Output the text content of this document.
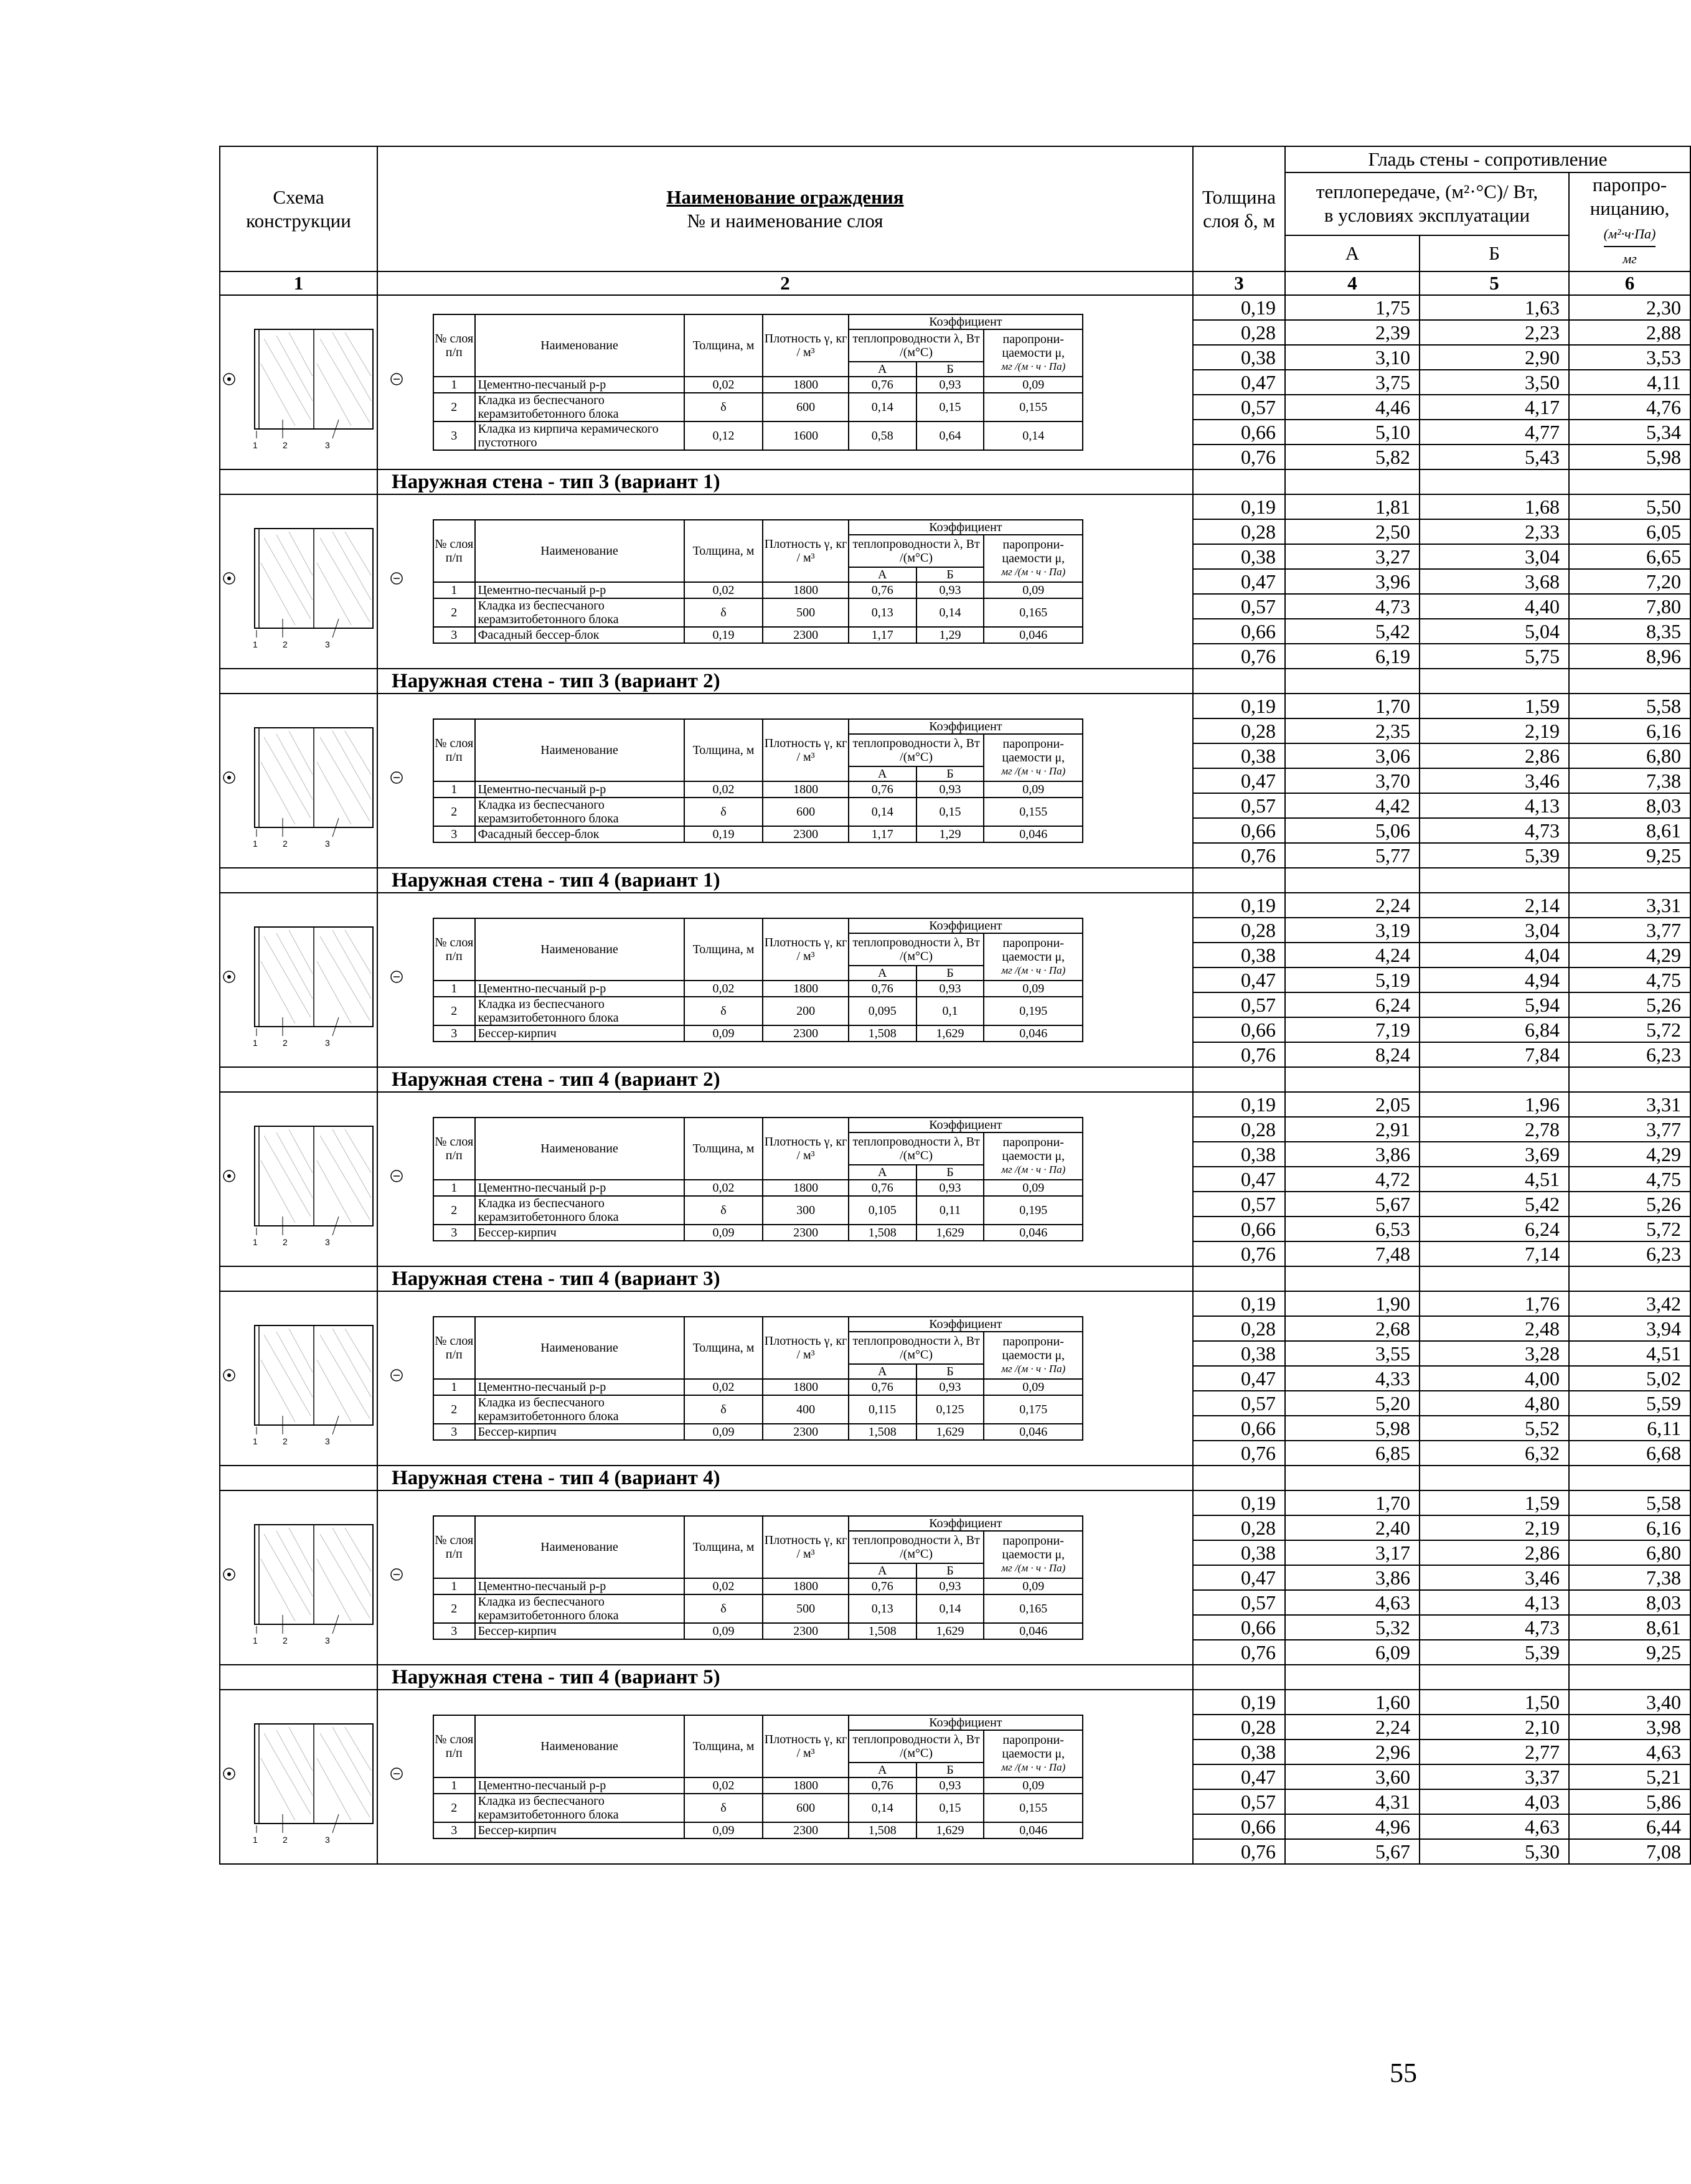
Схема конструкции	
Наименование ограждения
№ и наименование слоя
	Толщина слоя δ, м	Гладь стены - сопротивление

теплопередаче, (м²·°С)/ Вт,
в условиях эксплуатации

паропро-ницанию,
(м²·ч·Па)
мг

А	Б
1	2	3	4	5	6

1	2	3

№ слоя п/п	Наименование	Толщина, м	Плотность γ, кг / м³	Коэффициент
теплопроводности λ, Вт /(м°С)	
паропрони-цаемости μ,
мг /(м · ч · Па)

А	Б
1	Цементно-песчаный р-р	0,02	1800	0,76	0,93	0,09
2	Кладка из беспесчаного керамзитобетонного блока	δ	600	0,14	0,15	0,155
3	Кладка из кирпича керамического пустотного	0,12	1600	0,58	0,64	0,14
	0,19	1,75	1,63	2,30
0,28	2,39	2,23	2,88
0,38	3,10	2,90	3,53
0,47	3,75	3,50	4,11
0,57	4,46	4,17	4,76
0,66	5,10	4,77	5,34
0,76	5,82	5,43	5,98
	Наружная стена - тип 3 (вариант 1)				

1	2	3

№ слоя п/п	Наименование	Толщина, м	Плотность γ, кг / м³	Коэффициент
теплопроводности λ, Вт /(м°С)	
паропрони-цаемости μ,
мг /(м · ч · Па)

А	Б
1	Цементно-песчаный р-р	0,02	1800	0,76	0,93	0,09
2	Кладка из беспесчаного керамзитобетонного блока	δ	500	0,13	0,14	0,165
3	Фасадный бессер-блок	0,19	2300	1,17	1,29	0,046
	0,19	1,81	1,68	5,50
0,28	2,50	2,33	6,05
0,38	3,27	3,04	6,65
0,47	3,96	3,68	7,20
0,57	4,73	4,40	7,80
0,66	5,42	5,04	8,35
0,76	6,19	5,75	8,96
	Наружная стена - тип 3 (вариант 2)				

1	2	3

№ слоя п/п	Наименование	Толщина, м	Плотность γ, кг / м³	Коэффициент
теплопроводности λ, Вт /(м°С)	
паропрони-цаемости μ,
мг /(м · ч · Па)

А	Б
1	Цементно-песчаный р-р	0,02	1800	0,76	0,93	0,09
2	Кладка из беспесчаного керамзитобетонного блока	δ	600	0,14	0,15	0,155
3	Фасадный бессер-блок	0,19	2300	1,17	1,29	0,046
	0,19	1,70	1,59	5,58
0,28	2,35	2,19	6,16
0,38	3,06	2,86	6,80
0,47	3,70	3,46	7,38
0,57	4,42	4,13	8,03
0,66	5,06	4,73	8,61
0,76	5,77	5,39	9,25
	Наружная стена - тип 4 (вариант 1)				

1	2	3

№ слоя п/п	Наименование	Толщина, м	Плотность γ, кг / м³	Коэффициент
теплопроводности λ, Вт /(м°С)	
паропрони-цаемости μ,
мг /(м · ч · Па)

А	Б
1	Цементно-песчаный р-р	0,02	1800	0,76	0,93	0,09
2	Кладка из беспесчаного керамзитобетонного блока	δ	200	0,095	0,1	0,195
3	Бессер-кирпич	0,09	2300	1,508	1,629	0,046
	0,19	2,24	2,14	3,31
0,28	3,19	3,04	3,77
0,38	4,24	4,04	4,29
0,47	5,19	4,94	4,75
0,57	6,24	5,94	5,26
0,66	7,19	6,84	5,72
0,76	8,24	7,84	6,23
	Наружная стена - тип 4 (вариант 2)				

1	2	3

№ слоя п/п	Наименование	Толщина, м	Плотность γ, кг / м³	Коэффициент
теплопроводности λ, Вт /(м°С)	
паропрони-цаемости μ,
мг /(м · ч · Па)

А	Б
1	Цементно-песчаный р-р	0,02	1800	0,76	0,93	0,09
2	Кладка из беспесчаного керамзитобетонного блока	δ	300	0,105	0,11	0,195
3	Бессер-кирпич	0,09	2300	1,508	1,629	0,046
	0,19	2,05	1,96	3,31
0,28	2,91	2,78	3,77
0,38	3,86	3,69	4,29
0,47	4,72	4,51	4,75
0,57	5,67	5,42	5,26
0,66	6,53	6,24	5,72
0,76	7,48	7,14	6,23
	Наружная стена - тип 4 (вариант 3)				

1	2	3

№ слоя п/п	Наименование	Толщина, м	Плотность γ, кг / м³	Коэффициент
теплопроводности λ, Вт /(м°С)	
паропрони-цаемости μ,
мг /(м · ч · Па)

А	Б
1	Цементно-песчаный р-р	0,02	1800	0,76	0,93	0,09
2	Кладка из беспесчаного керамзитобетонного блока	δ	400	0,115	0,125	0,175
3	Бессер-кирпич	0,09	2300	1,508	1,629	0,046
	0,19	1,90	1,76	3,42
0,28	2,68	2,48	3,94
0,38	3,55	3,28	4,51
0,47	4,33	4,00	5,02
0,57	5,20	4,80	5,59
0,66	5,98	5,52	6,11
0,76	6,85	6,32	6,68
	Наружная стена - тип 4 (вариант 4)				

1	2	3

№ слоя п/п	Наименование	Толщина, м	Плотность γ, кг / м³	Коэффициент
теплопроводности λ, Вт /(м°С)	
паропрони-цаемости μ,
мг /(м · ч · Па)

А	Б
1	Цементно-песчаный р-р	0,02	1800	0,76	0,93	0,09
2	Кладка из беспесчаного керамзитобетонного блока	δ	500	0,13	0,14	0,165
3	Бессер-кирпич	0,09	2300	1,508	1,629	0,046
	0,19	1,70	1,59	5,58
0,28	2,40	2,19	6,16
0,38	3,17	2,86	6,80
0,47	3,86	3,46	7,38
0,57	4,63	4,13	8,03
0,66	5,32	4,73	8,61
0,76	6,09	5,39	9,25
	Наружная стена - тип 4 (вариант 5)				

1	2	3

№ слоя п/п	Наименование	Толщина, м	Плотность γ, кг / м³	Коэффициент
теплопроводности λ, Вт /(м°С)	
паропрони-цаемости μ,
мг /(м · ч · Па)

А	Б
1	Цементно-песчаный р-р	0,02	1800	0,76	0,93	0,09
2	Кладка из беспесчаного керамзитобетонного блока	δ	600	0,14	0,15	0,155
3	Бессер-кирпич	0,09	2300	1,508	1,629	0,046
	0,19	1,60	1,50	3,40
0,28	2,24	2,10	3,98
0,38	2,96	2,77	4,63
0,47	3,60	3,37	5,21
0,57	4,31	4,03	5,86
0,66	4,96	4,63	6,44
0,76	5,67	5,30	7,08
55
